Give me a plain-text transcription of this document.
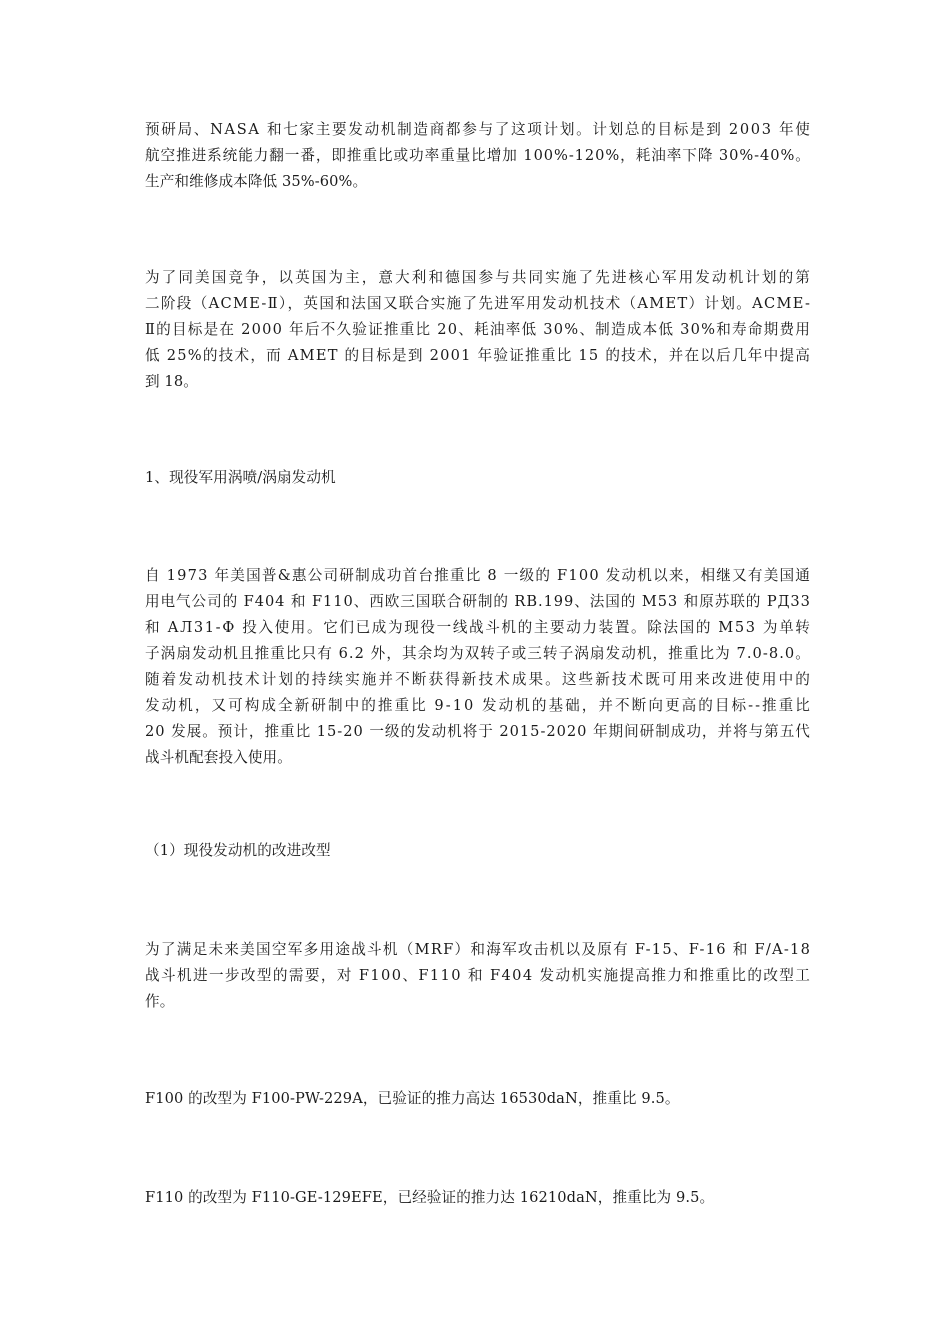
预研局、NASA 和七家主要发动机制造商都参与了这项计划。计划总的目标是到 2003 年使
航空推进系统能力翻一番，即推重比或功率重量比增加 100%-120%，耗油率下降 30%-40%。
生产和维修成本降低 35%-60%。
为了同美国竞争，以英国为主，意大利和德国参与共同实施了先进核心军用发动机计划的第
二阶段（ACME-Ⅱ），英国和法国又联合实施了先进军用发动机技术（AMET）计划。ACME-
Ⅱ的目标是在 2000 年后不久验证推重比 20、耗油率低 30%、制造成本低 30%和寿命期费用
低 25%的技术，而 AMET 的目标是到 2001 年验证推重比 15 的技术，并在以后几年中提高
到 18。
1、现役军用涡喷/涡扇发动机
自 1973 年美国普&惠公司研制成功首台推重比 8 一级的 F100 发动机以来，相继又有美国通
用电气公司的 F404 和 F110、西欧三国联合研制的 RB.199、法国的 M53 和原苏联的 РД33
和 АЛ31-Ф 投入使用。它们已成为现役一线战斗机的主要动力装置。除法国的 M53 为单转
子涡扇发动机且推重比只有 6.2 外，其余均为双转子或三转子涡扇发动机，推重比为 7.0-8.0。
随着发动机技术计划的持续实施并不断获得新技术成果。这些新技术既可用来改进使用中的
发动机，又可构成全新研制中的推重比 9-10 发动机的基础，并不断向更高的目标--推重比
20 发展。预计，推重比 15-20 一级的发动机将于 2015-2020 年期间研制成功，并将与第五代
战斗机配套投入使用。
（1）现役发动机的改进改型
为了满足未来美国空军多用途战斗机（MRF）和海军攻击机以及原有 F-15、F-16 和 F/A-18
战斗机进一步改型的需要，对 F100、F110 和 F404 发动机实施提高推力和推重比的改型工
作。
F100 的改型为 F100-PW-229A，已验证的推力高达 16530daN，推重比 9.5。
F110 的改型为 F110-GE-129EFE，已经验证的推力达 16210daN，推重比为 9.5。
